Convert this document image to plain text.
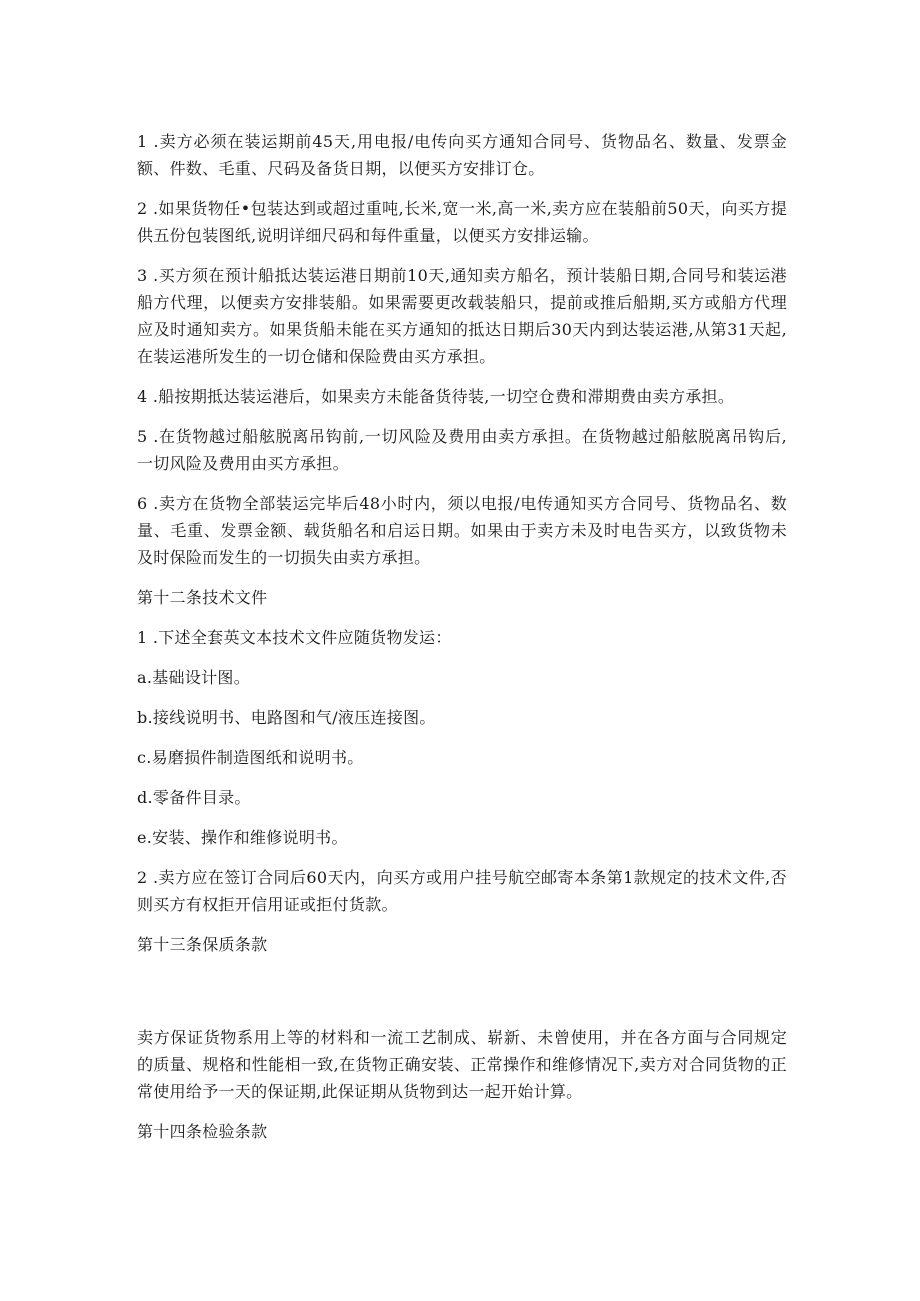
1 .卖方必须在装运期前45天,用电报/电传向买方通知合同号、货物品名、数量、发票金额、件数、毛重、尺码及备货日期，以便买方安排订仓。

2 .如果货物任•包装达到或超过重吨,长米,宽一米,高一米,卖方应在装船前50天，向买方提供五份包装图纸,说明详细尺码和每件重量，以便买方安排运输。

3 .买方须在预计船抵达装运港日期前10天,通知卖方船名，预计装船日期,合同号和装运港船方代理，以便卖方安排装船。如果需要更改载装船只，提前或推后船期,买方或船方代理应及时通知卖方。如果货船未能在买方通知的抵达日期后30天内到达装运港,从第31天起,在装运港所发生的一切仓储和保险费由买方承担。

4 .船按期抵达装运港后，如果卖方未能备货待装,一切空仓费和滞期费由卖方承担。

5 .在货物越过船舷脱离吊钩前,一切风险及费用由卖方承担。在货物越过船舷脱离吊钩后,一切风险及费用由买方承担。

6 .卖方在货物全部装运完毕后48小时内，须以电报/电传通知买方合同号、货物品名、数量、毛重、发票金额、载货船名和启运日期。如果由于卖方未及时电告买方，以致货物未及时保险而发生的一切损失由卖方承担。

第十二条技术文件

1 .下述全套英文本技术文件应随货物发运：

a.基础设计图。

b.接线说明书、电路图和气/液压连接图。

c.易磨损件制造图纸和说明书。

d.零备件目录。

e.安装、操作和维修说明书。

2 .卖方应在签订合同后60天内，向买方或用户挂号航空邮寄本条第1款规定的技术文件,否则买方有权拒开信用证或拒付货款。

第十三条保质条款

卖方保证货物系用上等的材料和一流工艺制成、崭新、未曾使用，并在各方面与合同规定的质量、规格和性能相一致,在货物正确安装、正常操作和维修情况下,卖方对合同货物的正常使用给予一天的保证期,此保证期从货物到达一起开始计算。

第十四条检验条款
